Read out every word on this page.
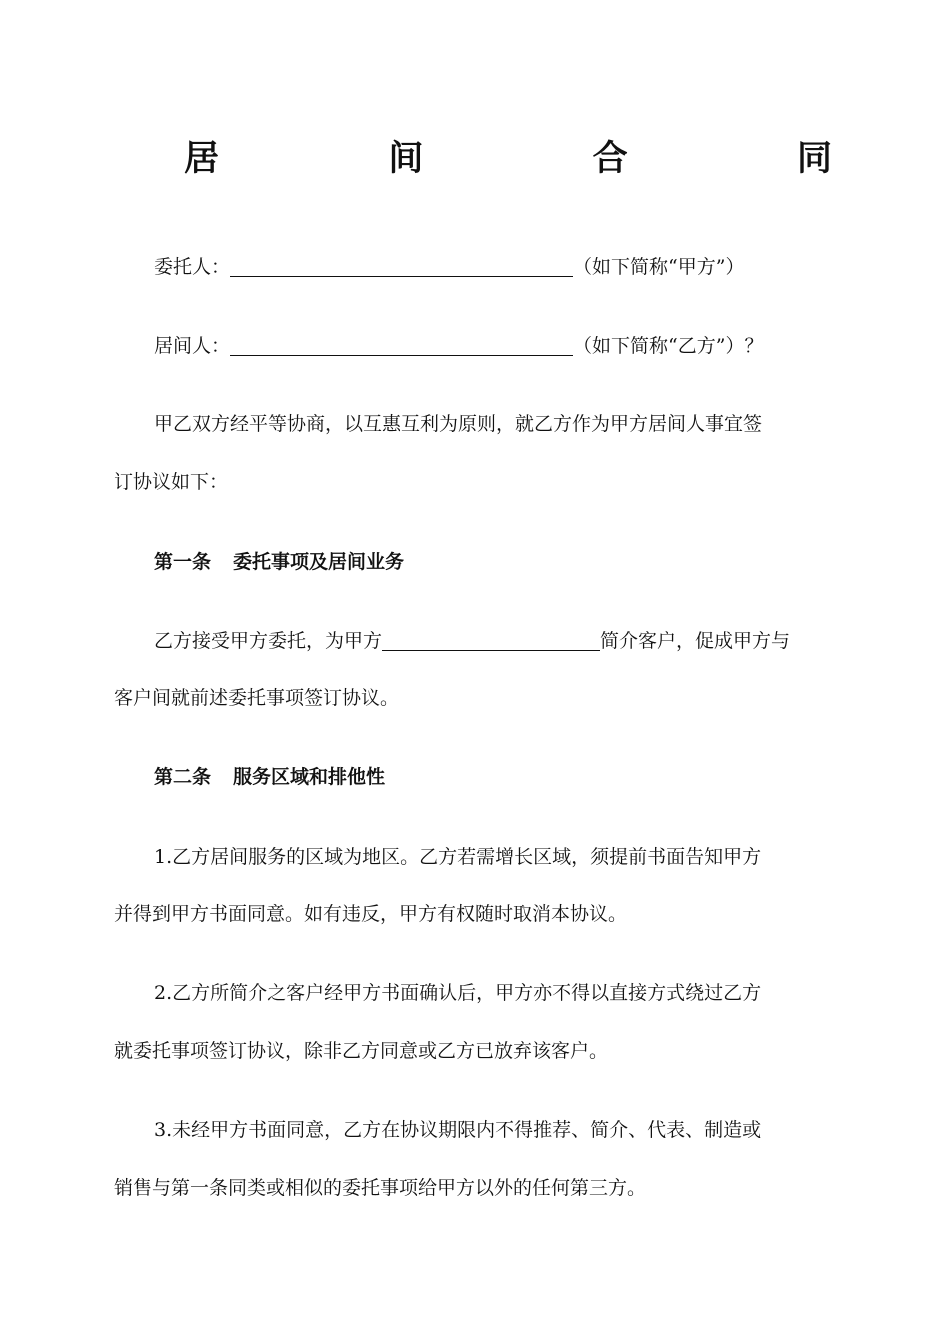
居	间	合	同
委托人：	（如下简称“甲方”）
居间人：	（如下简称“乙方”）？
甲乙双方经平等协商，以互惠互利为原则，就乙方作为甲方居间人事宜签
订协议如下：
第一条 委托事项及居间业务
乙方接受甲方委托，为甲方	简介客户，促成甲方与
客户间就前述委托事项签订协议。
第二条 服务区域和排他性
1.乙方居间服务的区域为地区。乙方若需增长区域，须提前书面告知甲方
并得到甲方书面同意。如有违反，甲方有权随时取消本协议。
2.乙方所简介之客户经甲方书面确认后，甲方亦不得以直接方式绕过乙方
就委托事项签订协议，除非乙方同意或乙方已放弃该客户。
3.未经甲方书面同意，乙方在协议期限内不得推荐、简介、代表、制造或
销售与第一条同类或相似的委托事项给甲方以外的任何第三方。
